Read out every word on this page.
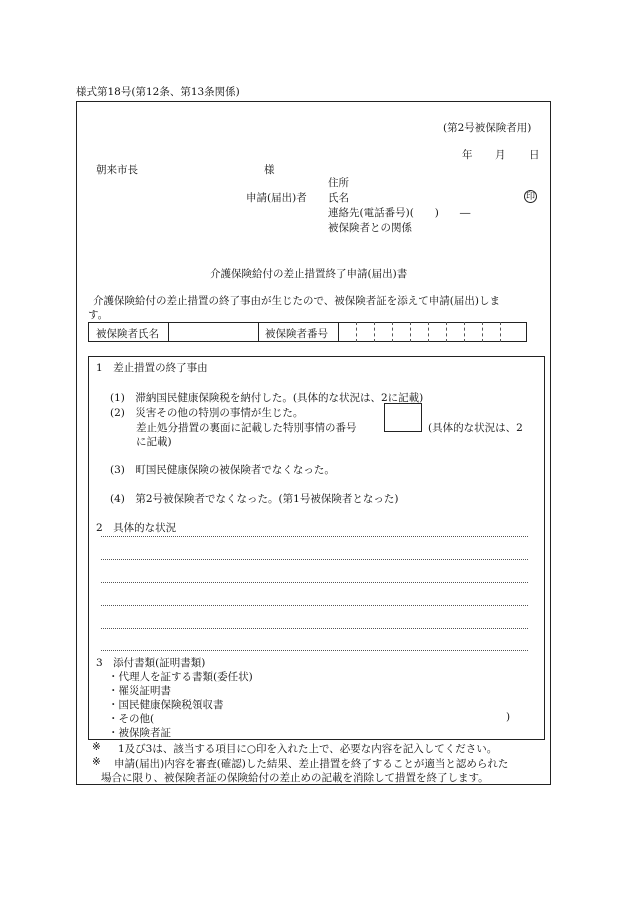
様式第18号(第12条、第13条関係)
(第2号被保険者用)
年 月 日
朝来市長	様
住所
申請(届出)者 氏名	印
連絡先(電話番号)(　　)　　―
被保険者との関係
介護保険給付の差止措置終了申請(届出)書
介護保険給付の差止措置の終了事由が生じたので、被保険者証を添えて申請(届出)しま
す。
被保険者氏名	被保険者番号
1　差止措置の終了事由
(1)　滞納国民健康保険税を納付した。(具体的な状況は、2に記載)
(2)　災害その他の特別の事情が生じた。
差止処分措置の裏面に記載した特別事情の番号	(具体的な状況は、2
に記載)
(3)　町国民健康保険の被保険者でなくなった。
(4)　第2号被保険者でなくなった。(第1号被保険者となった)
2　具体的な状況
3　添付書類(証明書類)
・代理人を証する書類(委任状)
・罹災証明書
・国民健康保険税領収書
・その他(	)
・被保険者証
※ 1及び3は、該当する項目に○印を入れた上で、必要な内容を記入してください。
※ 申請(届出)内容を審査(確認)した結果、差止措置を終了することが適当と認められた
場合に限り、被保険者証の保険給付の差止めの記載を消除して措置を終了します。
